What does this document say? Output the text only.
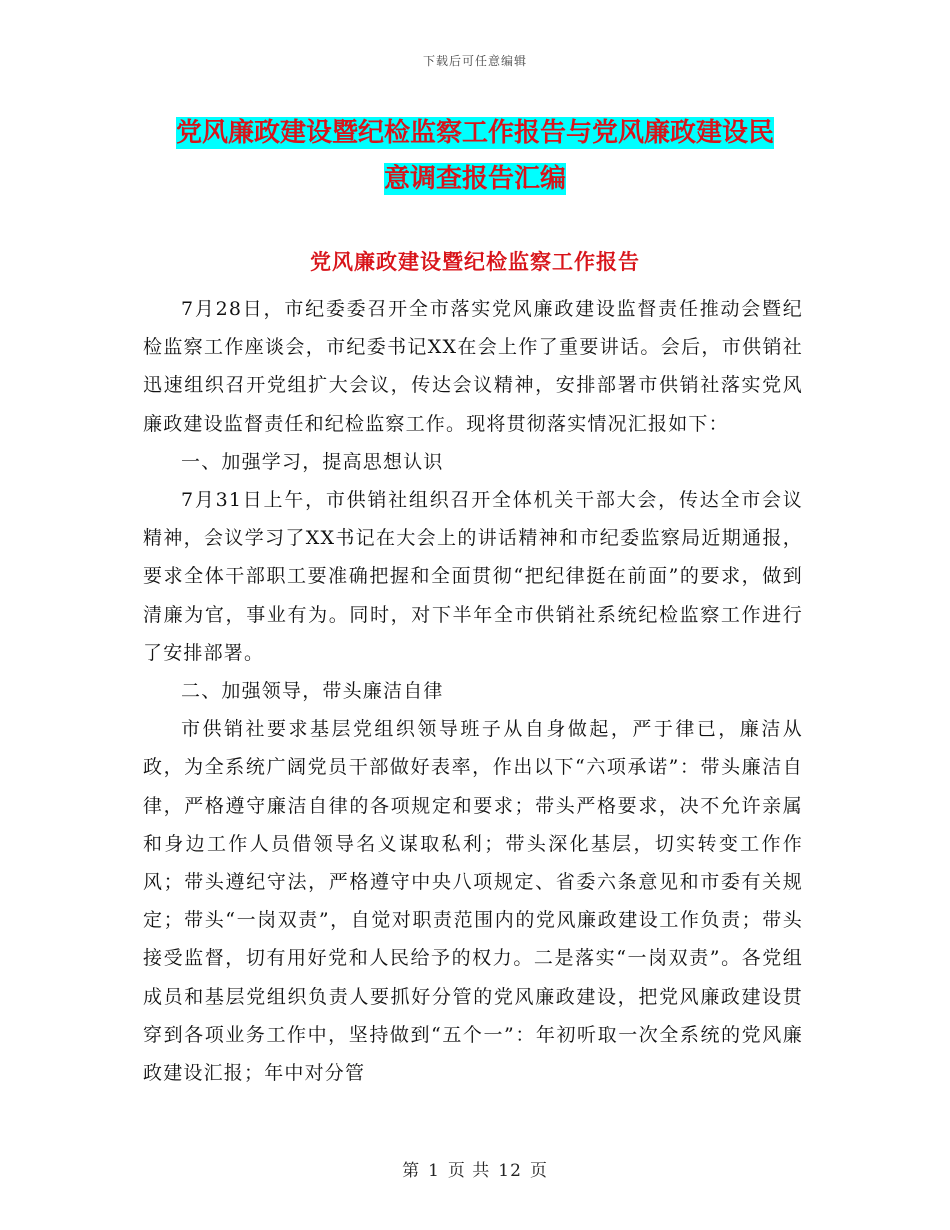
下载后可任意编辑
党风廉政建设暨纪检监察工作报告与党风廉政建设民
意调查报告汇编
党风廉政建设暨纪检监察工作报告

7月28日，市纪委委召开全市落实党风廉政建设监督责任推动会暨纪检监察工作座谈会，市纪委书记XX在会上作了重要讲话。会后，市供销社迅速组织召开党组扩大会议，传达会议精神，安排部署市供销社落实党风廉政建设监督责任和纪检监察工作。现将贯彻落实情况汇报如下：

一、加强学习，提高思想认识

7月31日上午，市供销社组织召开全体机关干部大会，传达全市会议精神，会议学习了XX书记在大会上的讲话精神和市纪委监察局近期通报，要求全体干部职工要准确把握和全面贯彻“把纪律挺在前面”的要求，做到清廉为官，事业有为。同时，对下半年全市供销社系统纪检监察工作进行了安排部署。

二、加强领导，带头廉洁自律

市供销社要求基层党组织领导班子从自身做起，严于律已，廉洁从政，为全系统广阔党员干部做好表率，作出以下“六项承诺”：带头廉洁自律，严格遵守廉洁自律的各项规定和要求；带头严格要求，决不允许亲属和身边工作人员借领导名义谋取私利；带头深化基层，切实转变工作作风；带头遵纪守法，严格遵守中央八项规定、省委六条意见和市委有关规定；带头“一岗双责”，自觉对职责范围内的党风廉政建设工作负责；带头接受监督，切有用好党和人民给予的权力。二是落实“一岗双责”。各党组成员和基层党组织负责人要抓好分管的党风廉政建设，把党风廉政建设贯穿到各项业务工作中，坚持做到“五个一”：年初听取一次全系统的党风廉政建设汇报；年中对分管

第 1 页 共 12 页
